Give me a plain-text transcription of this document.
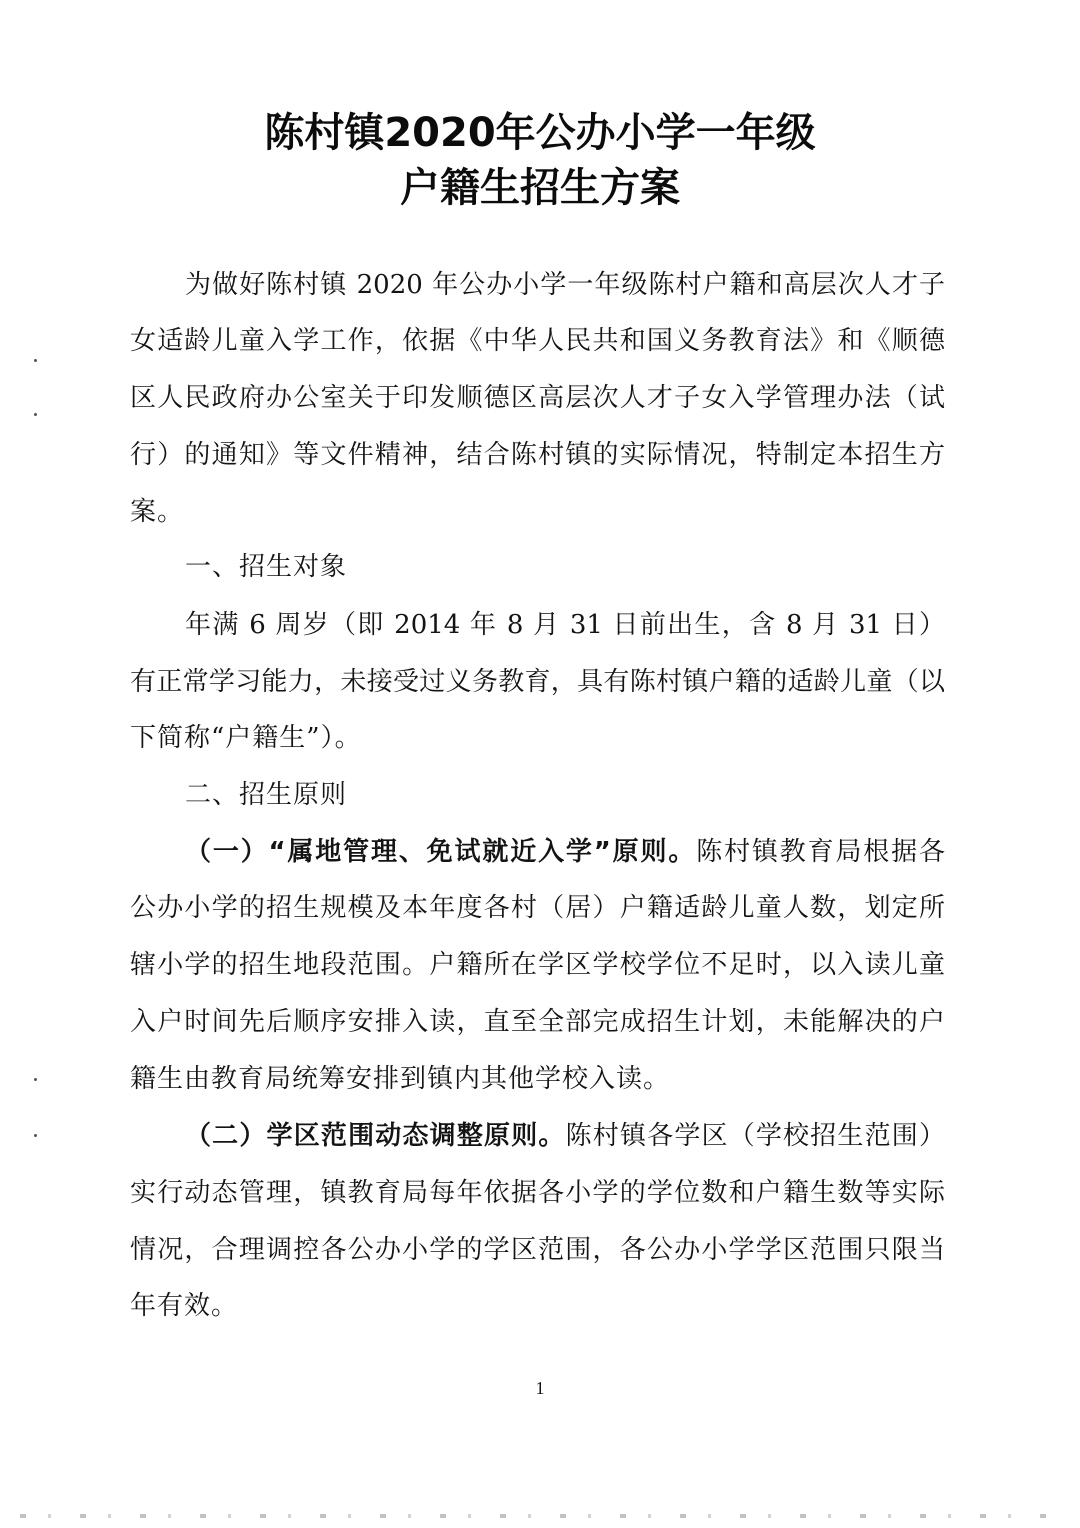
陈村镇2020年公办小学一年级
户籍生招生方案
为做好陈村镇 2020 年公办小学一年级陈村户籍和高层次人才子
女适龄儿童入学工作，依据《中华人民共和国义务教育法》和《顺德
区人民政府办公室关于印发顺德区高层次人才子女入学管理办法（试
行）的通知》等文件精神，结合陈村镇的实际情况，特制定本招生方
案。
一、招生对象
年满 6 周岁（即 2014 年 8 月 31 日前出生，含 8 月 31 日）
有正常学习能力，未接受过义务教育，具有陈村镇户籍的适龄儿童（以
下简称“户籍生”）。
二、招生原则
（一）“属地管理、免试就近入学”原则。陈村镇教育局根据各
公办小学的招生规模及本年度各村（居）户籍适龄儿童人数，划定所
辖小学的招生地段范围。户籍所在学区学校学位不足时，以入读儿童
入户时间先后顺序安排入读，直至全部完成招生计划，未能解决的户
籍生由教育局统筹安排到镇内其他学校入读。
（二）学区范围动态调整原则。陈村镇各学区（学校招生范围）
实行动态管理，镇教育局每年依据各小学的学位数和户籍生数等实际
情况，合理调控各公办小学的学区范围，各公办小学学区范围只限当
年有效。
1
